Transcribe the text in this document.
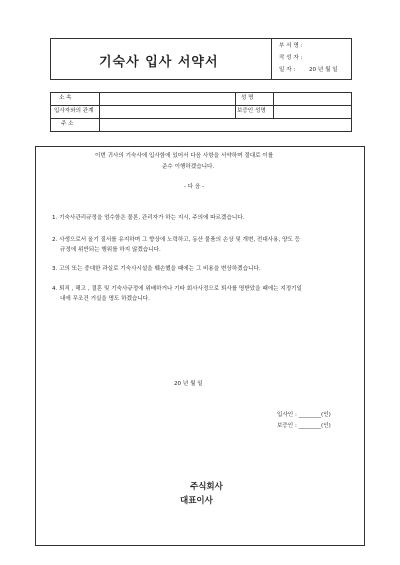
기숙사 입사 서약서
부 서 명 :
작 성 자 :
일 자 : 20 년 월 일
소 속	성 명
입사자와의 관계	보증인 성명
주 소
이번 귀사의 기숙사에 입사함에 있어서 다음 사항을 서약하며 절대로 이를
준수 이행하겠습니다.
- 다 음 -
1. 기숙사관리규정을 엄수함은 물론, 관리자가 하는 지시, 주의에 따르겠습니다.
2. 사생으로서 올기 질서를 유지하며 그 향상에 노력하고, 동산 물품의 손상 및 개변, 전대사용, 양도 등
규정에 위반되는 행위를 하지 않겠습니다.
3. 고의 또는 중대한 과실로 기숙사시설을 훼손했을 때에는 그 비용을 변상하겠습니다.
4. 퇴직 , 해고 , 결혼 및 기숙사규정에 위배하거나 기타 회사사정으로 퇴사를 명받았을 때에는 지정기일
내에 무조건 거실을 명도 하겠습니다.
20 년 월 일
입사인 : ________(인)
보증인 : ________(인)
주식회사
대표이사
